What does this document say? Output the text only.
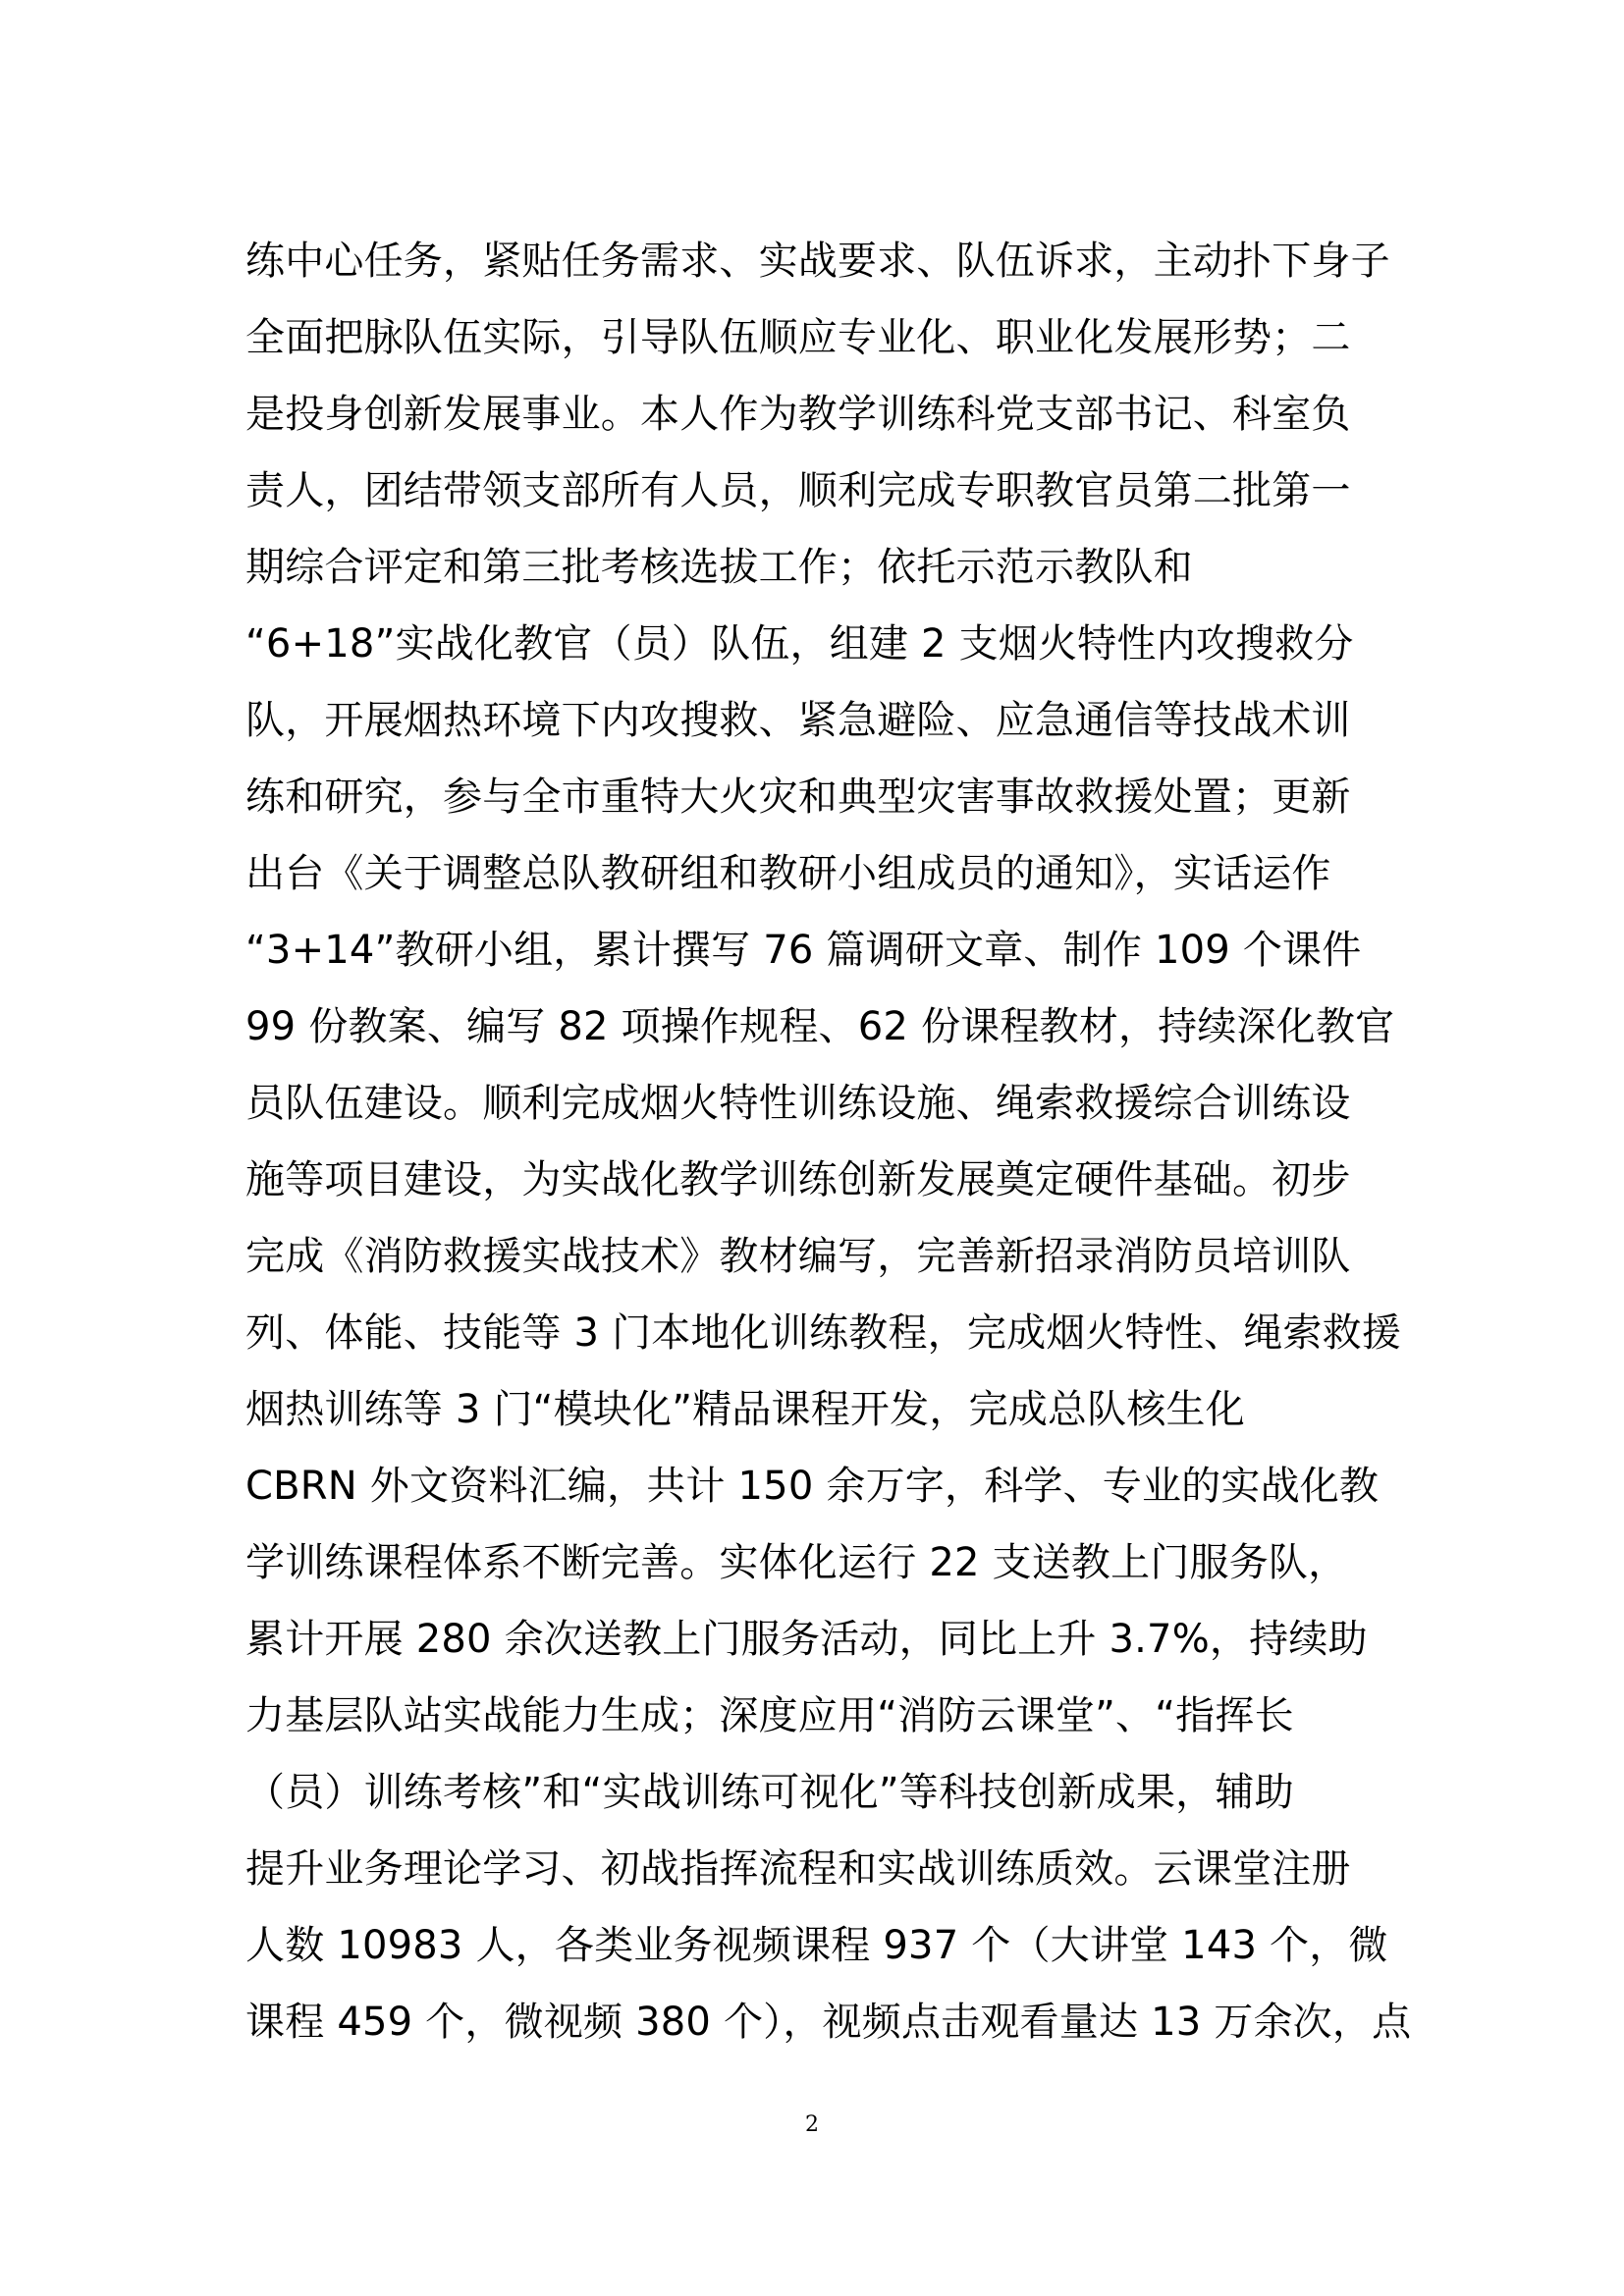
练中心任务，紧贴任务需求、实战要求、队伍诉求，主动扑下身子
全面把脉队伍实际，引导队伍顺应专业化、职业化发展形势；二
是投身创新发展事业。本人作为教学训练科党支部书记、科室负
责人，团结带领支部所有人员，顺利完成专职教官员第二批第一
期综合评定和第三批考核选拔工作；依托示范示教队和
“6+18”实战化教官（员）队伍，组建 2 支烟火特性内攻搜救分
队，开展烟热环境下内攻搜救、紧急避险、应急通信等技战术训
练和研究，参与全市重特大火灾和典型灾害事故救援处置；更新
出台《关于调整总队教研组和教研小组成员的通知》，实话运作
“3+14”教研小组，累计撰写 76 篇调研文章、制作 109 个课件
99 份教案、编写 82 项操作规程、62 份课程教材，持续深化教官
员队伍建设。顺利完成烟火特性训练设施、绳索救援综合训练设
施等项目建设，为实战化教学训练创新发展奠定硬件基础。初步
完成《消防救援实战技术》教材编写，完善新招录消防员培训队
列、体能、技能等 3 门本地化训练教程，完成烟火特性、绳索救援
烟热训练等 3 门“模块化”精品课程开发，完成总队核生化
CBRN 外文资料汇编，共计 150 余万字，科学、专业的实战化教
学训练课程体系不断完善。实体化运行 22 支送教上门服务队，
累计开展 280 余次送教上门服务活动，同比上升 3.7%，持续助
力基层队站实战能力生成；深度应用“消防云课堂”、“指挥长
（员）训练考核”和“实战训练可视化”等科技创新成果，辅助
提升业务理论学习、初战指挥流程和实战训练质效。云课堂注册
人数 10983 人，各类业务视频课程 937 个（大讲堂 143 个，微
课程 459 个，微视频 380 个），视频点击观看量达 13 万余次，点
2
